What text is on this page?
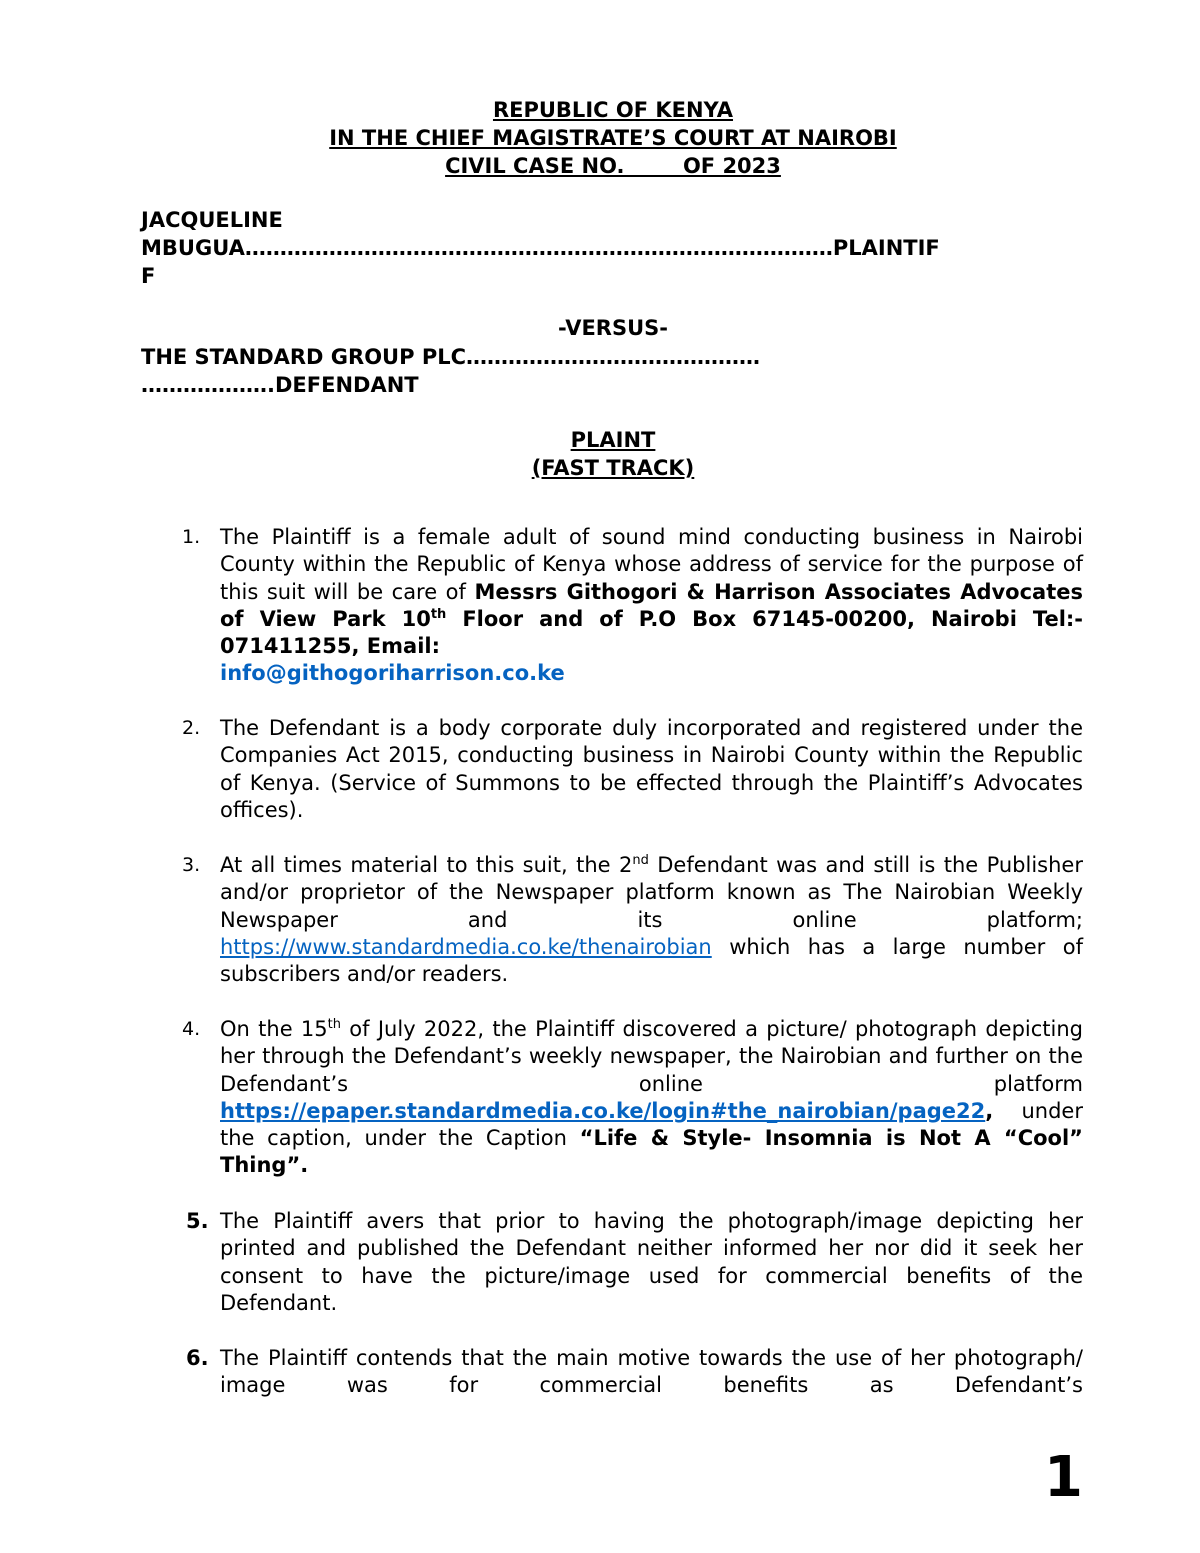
REPUBLIC OF KENYA
IN THE CHIEF MAGISTRATE’S COURT AT NAIROBI
CIVIL CASE NO.        OF 2023
JACQUELINE
MBUGUA…………………………………………………………………………PLAINTIF
F
-VERSUS-
THE STANDARD GROUP PLC……………………………………
……………….DEFENDANT
PLAINT
(FAST TRACK)
1. The Plaintiff is a female adult of sound mind conducting business in Nairobi County within the Republic of Kenya whose address of service for the purpose of this suit will be care of Messrs Githogori & Harrison Associates Advocates of View Park 10th Floor and of P.O Box 67145-00200, Nairobi Tel:- 071411255, Email:
info@githogoriharrison.co.ke
2. The Defendant is a body corporate duly incorporated and registered under the Companies Act 2015, conducting business in Nairobi County within the Republic of Kenya. (Service of Summons to be effected through the Plaintiff’s Advocates offices).
3. At all times material to this suit, the 2nd Defendant was and still is the Publisher and/or proprietor of the Newspaper platform known as The Nairobian Weekly Newspaper and its online platform; https://www.standardmedia.co.ke/thenairobian which has a large number of subscribers and/or readers.
4. On the 15th of July 2022, the Plaintiff discovered a picture/ photograph depicting her through the Defendant’s weekly newspaper, the Nairobian and further on the Defendant’s online platform https://epaper.standardmedia.co.ke/login#the_nairobian/page22, under the caption, under the Caption “Life & Style- Insomnia is Not A “Cool” Thing”.
5. The Plaintiff avers that prior to having the photograph/image depicting her printed and published the Defendant neither informed her nor did it seek her consent to have the picture/image used for commercial benefits of the Defendant.
6. The Plaintiff contends that the main motive towards the use of her photograph/ image was for commercial benefits as Defendant’s
1
